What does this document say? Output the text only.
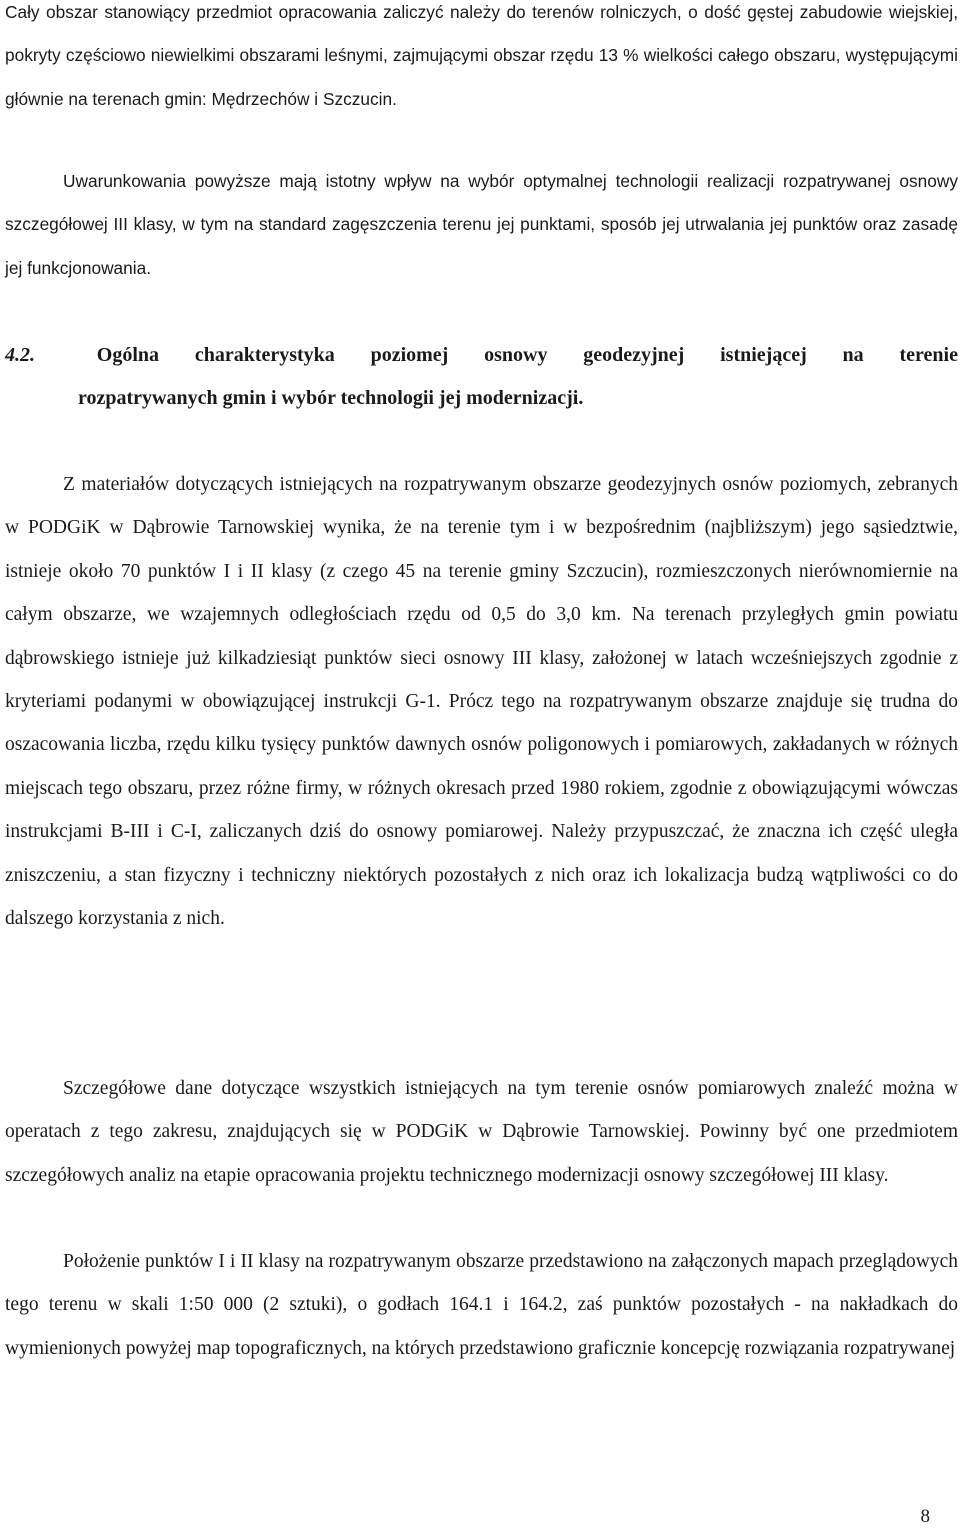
Cały obszar stanowiący przedmiot opracowania zaliczyć należy do terenów rolniczych, o dość gęstej zabudowie wiejskiej, pokryty częściowo niewielkimi obszarami leśnymi, zajmującymi obszar rzędu 13 % wielkości całego obszaru, występującymi głównie na terenach gmin: Mędrzechów i Szczucin.

Uwarunkowania powyższe mają istotny wpływ na wybór optymalnej technologii realizacji rozpatrywanej osnowy szczegółowej III klasy, w tym na standard zagęszczenia terenu jej punktami, sposób jej utrwalania jej punktów oraz zasadę jej funkcjonowania.

4.2.	Ogólna charakterystyka poziomej osnowy geodezyjnej istniejącej na terenie
rozpatrywanych gmin i wybór technologii jej modernizacji.

Z materiałów dotyczących istniejących na rozpatrywanym obszarze geodezyjnych osnów poziomych, zebranych w PODGiK w Dąbrowie Tarnowskiej wynika, że na terenie tym i w bezpośrednim (najbliższym) jego sąsiedztwie, istnieje około 70 punktów I i II klasy (z czego 45 na terenie gminy Szczucin), rozmieszczonych nierównomiernie na całym obszarze, we wzajemnych odległościach rzędu od 0,5 do 3,0 km. Na terenach przyległych gmin powiatu dąbrowskiego istnieje już kilkadziesiąt punktów sieci osnowy III klasy, założonej w latach wcześniejszych zgodnie z kryteriami podanymi w obowiązującej instrukcji G-1. Prócz tego na rozpatrywanym obszarze znajduje się trudna do oszacowania liczba, rzędu kilku tysięcy punktów dawnych osnów poligonowych i pomiarowych, zakładanych w różnych miejscach tego obszaru, przez różne firmy, w różnych okresach przed 1980 rokiem, zgodnie z obowiązującymi wówczas instrukcjami B-III i C-I, zaliczanych dziś do osnowy pomiarowej. Należy przypuszczać, że znaczna ich część uległa zniszczeniu, a stan fizyczny i techniczny niektórych pozostałych z nich oraz ich lokalizacja budzą wątpliwości co do dalszego korzystania z nich.

Szczegółowe dane dotyczące wszystkich istniejących na tym terenie osnów pomiarowych znaleźć można w operatach z tego zakresu, znajdujących się w PODGiK w Dąbrowie Tarnowskiej. Powinny być one przedmiotem szczegółowych analiz na etapie opracowania projektu technicznego modernizacji osnowy szczegółowej III klasy.

Położenie punktów I i II klasy na rozpatrywanym obszarze przedstawiono na załączonych mapach przeglądowych tego terenu w skali 1:50 000 (2 sztuki), o godłach 164.1 i 164.2, zaś punktów pozostałych - na nakładkach do wymienionych powyżej map topograficznych, na których przedstawiono graficznie koncepcję rozwiązania rozpatrywanej

8
